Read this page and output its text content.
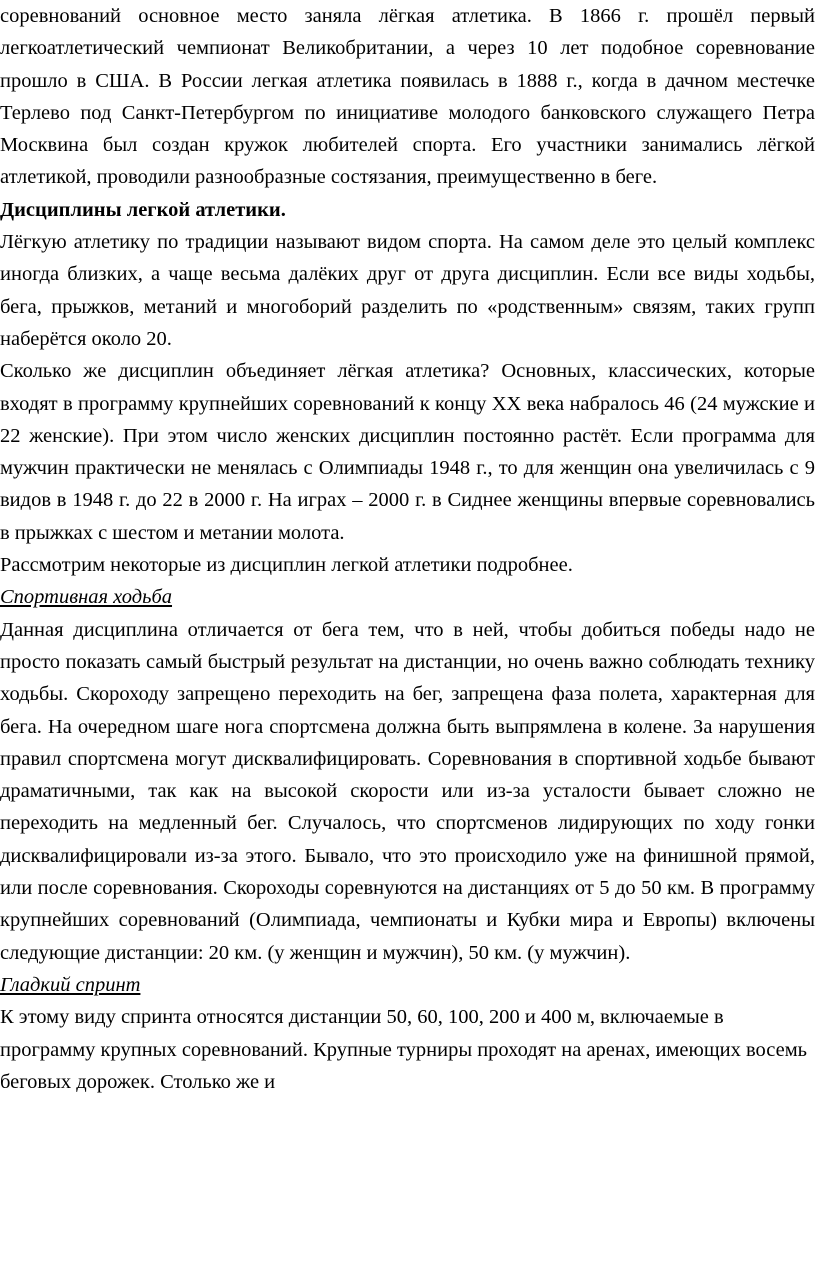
соревнований основное место заняла лёгкая атлетика. В 1866 г. прошёл первый легкоатлетический чемпионат Великобритании, а через 10 лет подобное соревнование прошло в США. В России легкая атлетика появилась в 1888 г., когда в дачном местечке Терлево под Санкт-Петербургом по инициативе молодого банковского служащего Петра Москвина был создан кружок любителей спорта. Его участники занимались лёгкой атлетикой, проводили разнообразные состязания, преимущественно в беге.

Дисциплины легкой атлетики.

Лёгкую атлетику по традиции называют видом спорта. На самом деле это целый комплекс иногда близких, а чаще весьма далёких друг от друга дисциплин. Если все виды ходьбы, бега, прыжков, метаний и многоборий разделить по «родственным» связям, таких групп наберётся около 20.

Сколько же дисциплин объединяет лёгкая атлетика? Основных, классических, которые входят в программу крупнейших соревнований к концу XX века набралось 46 (24 мужские и 22 женские). При этом число женских дисциплин постоянно растёт. Если программа для мужчин практически не менялась с Олимпиады 1948 г., то для женщин она увеличилась с 9 видов в 1948 г. до 22 в 2000 г. На играх – 2000 г. в Сиднее женщины впервые соревновались в прыжках с шестом и метании молота.

Рассмотрим некоторые из дисциплин легкой атлетики подробнее.

Спортивная ходьба

Данная дисциплина отличается от бега тем, что в ней, чтобы добиться победы надо не просто показать самый быстрый результат на дистанции, но очень важно соблюдать технику ходьбы. Скороходу запрещено переходить на бег, запрещена фаза полета, характерная для бега. На очередном шаге нога спортсмена должна быть выпрямлена в колене. За нарушения правил спортсмена могут дисквалифицировать. Соревнования в спортивной ходьбе бывают драматичными, так как на высокой скорости или из-за усталости бывает сложно не переходить на медленный бег. Случалось, что спортсменов лидирующих по ходу гонки дисквалифицировали из-за этого. Бывало, что это происходило уже на финишной прямой, или после соревнования. Скороходы соревнуются на дистанциях от 5 до 50 км. В программу крупнейших соревнований (Олимпиада, чемпионаты и Кубки мира и Европы) включены следующие дистанции: 20 км. (у женщин и мужчин), 50 км. (у мужчин).

Гладкий спринт

К этому виду спринта относятся дистанции 50, 60, 100, 200 и 400 м, включаемые в программу крупных соревнований. Крупные турниры проходят на аренах, имеющих восемь беговых дорожек. Столько же и
